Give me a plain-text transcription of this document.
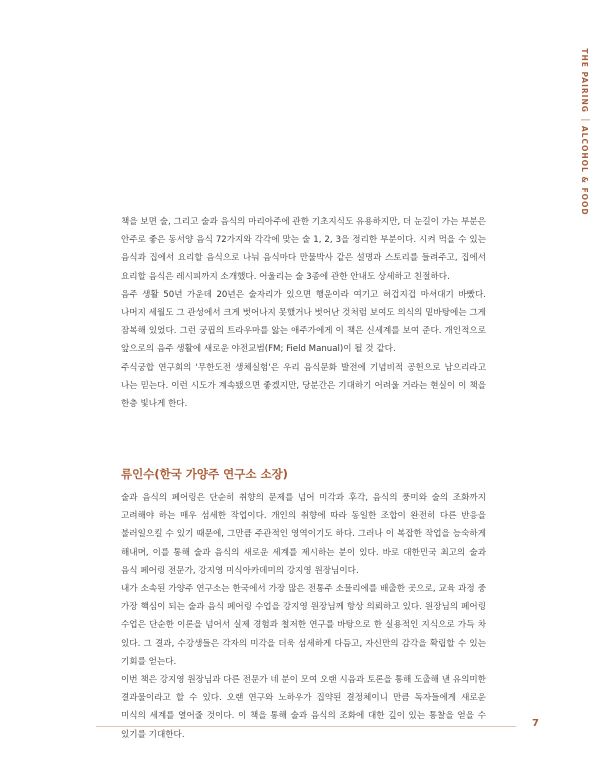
THE PAIRINGALCOHOL & FOOD

책을 보면 술, 그리고 술과 음식의 마리아주에 관한 기초지식도 유용하지만, 더 눈길이 가는 부분은 안주로 좋은 동서양 음식 72가지와 각각에 맞는 술 1, 2, 3을 정리한 부분이다. 시켜 먹을 수 있는 음식과 집에서 요리할 음식으로 나눠 음식마다 만물박사 같은 설명과 스토리를 들려주고, 집에서 요리할 음식은 레시피까지 소개했다. 어울리는 술 3종에 관한 안내도 상세하고 친절하다.

음주 생활 50년 가운데 20년은 술자리가 있으면 행운이라 여기고 허겁지겁 마셔대기 바빴다. 나머지 세월도 그 관성에서 크게 벗어나지 못했거나 벗어난 것처럼 보여도 의식의 밑바탕에는 그게 잠복해 있었다. 그런 궁핍의 트라우마를 앓는 애주가에게 이 책은 신세계를 보여 준다. 개인적으로 앞으로의 음주 생활에 새로운 야전교범(FM; Field Manual)이 될 것 같다.

주식궁합 연구회의 '무한도전 생체실험'은 우리 음식문화 발전에 기념비적 공헌으로 남으리라고 나는 믿는다. 이런 시도가 계속됐으면 좋겠지만, 당분간은 기대하기 어려울 거라는 현실이 이 책을 한층 빛나게 한다.

류인수(한국 가양주 연구소 소장)

술과 음식의 페어링은 단순히 취향의 문제를 넘어 미각과 후각, 음식의 풍미와 술의 조화까지 고려해야 하는 매우 섬세한 작업이다. 개인의 취향에 따라 동일한 조합이 완전히 다른 반응을 불러일으킬 수 있기 때문에, 그만큼 주관적인 영역이기도 하다. 그러나 이 복잡한 작업을 능숙하게 해내며, 이를 통해 술과 음식의 새로운 세계를 제시하는 분이 있다. 바로 대한민국 최고의 술과 음식 페어링 전문가, 강지영 미식아카데미의 강지영 원장님이다.

내가 소속된 가양주 연구소는 한국에서 가장 많은 전통주 소믈리에를 배출한 곳으로, 교육 과정 중 가장 핵심이 되는 술과 음식 페어링 수업을 강지영 원장님께 항상 의뢰하고 있다. 원장님의 페어링 수업은 단순한 이론을 넘어서 실제 경험과 철저한 연구를 바탕으로 한 실용적인 지식으로 가득 차 있다. 그 결과, 수강생들은 각자의 미각을 더욱 섬세하게 다듬고, 자신만의 감각을 확립할 수 있는 기회를 얻는다.

이번 책은 강지영 원장님과 다른 전문가 네 분이 모여 오랜 시음과 토론을 통해 도출해 낸 유의미한 결과물이라고 할 수 있다. 오랜 연구와 노하우가 집약된 결정체이니 만큼 독자들에게 새로운 미식의 세계를 열어줄 것이다. 이 책을 통해 술과 음식의 조화에 대한 깊이 있는 통찰을 얻을 수 있기를 기대한다.

7
